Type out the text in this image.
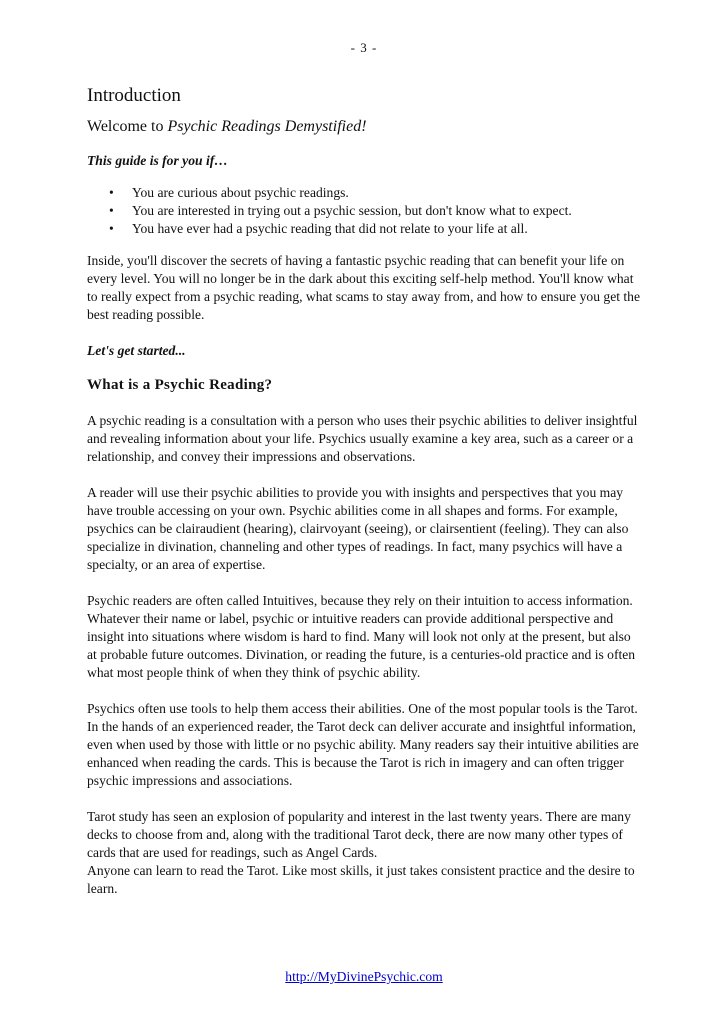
- 3 -
Introduction
Welcome to Psychic Readings Demystified!
This guide is for you if…
• You are curious about psychic readings.
• You are interested in trying out a psychic session, but don't know what to expect.
• You have ever had a psychic reading that did not relate to your life at all.

Inside, you'll discover the secrets of having a fantastic psychic reading that can benefit your life on every level. You will no longer be in the dark about this exciting self-help method. You'll know what to really expect from a psychic reading, what scams to stay away from, and how to ensure you get the best reading possible.

Let's get started...
What is a Psychic Reading?

A psychic reading is a consultation with a person who uses their psychic abilities to deliver insightful and revealing information about your life. Psychics usually examine a key area, such as a career or a relationship, and convey their impressions and observations.

A reader will use their psychic abilities to provide you with insights and perspectives that you may have trouble accessing on your own. Psychic abilities come in all shapes and forms. For example, psychics can be clairaudient (hearing), clairvoyant (seeing), or clairsentient (feeling). They can also specialize in divination, channeling and other types of readings. In fact, many psychics will have a specialty, or an area of expertise.

Psychic readers are often called Intuitives, because they rely on their intuition to access information. Whatever their name or label, psychic or intuitive readers can provide additional perspective and insight into situations where wisdom is hard to find. Many will look not only at the present, but also at probable future outcomes. Divination, or reading the future, is a centuries-old practice and is often what most people think of when they think of psychic ability.

Psychics often use tools to help them access their abilities. One of the most popular tools is the Tarot. In the hands of an experienced reader, the Tarot deck can deliver accurate and insightful information, even when used by those with little or no psychic ability. Many readers say their intuitive abilities are enhanced when reading the cards. This is because the Tarot is rich in imagery and can often trigger psychic impressions and associations.

Tarot study has seen an explosion of popularity and interest in the last twenty years. There are many decks to choose from and, along with the traditional Tarot deck, there are now many other types of cards that are used for readings, such as Angel Cards.

Anyone can learn to read the Tarot. Like most skills, it just takes consistent practice and the desire to learn.

http://MyDivinePsychic.com
